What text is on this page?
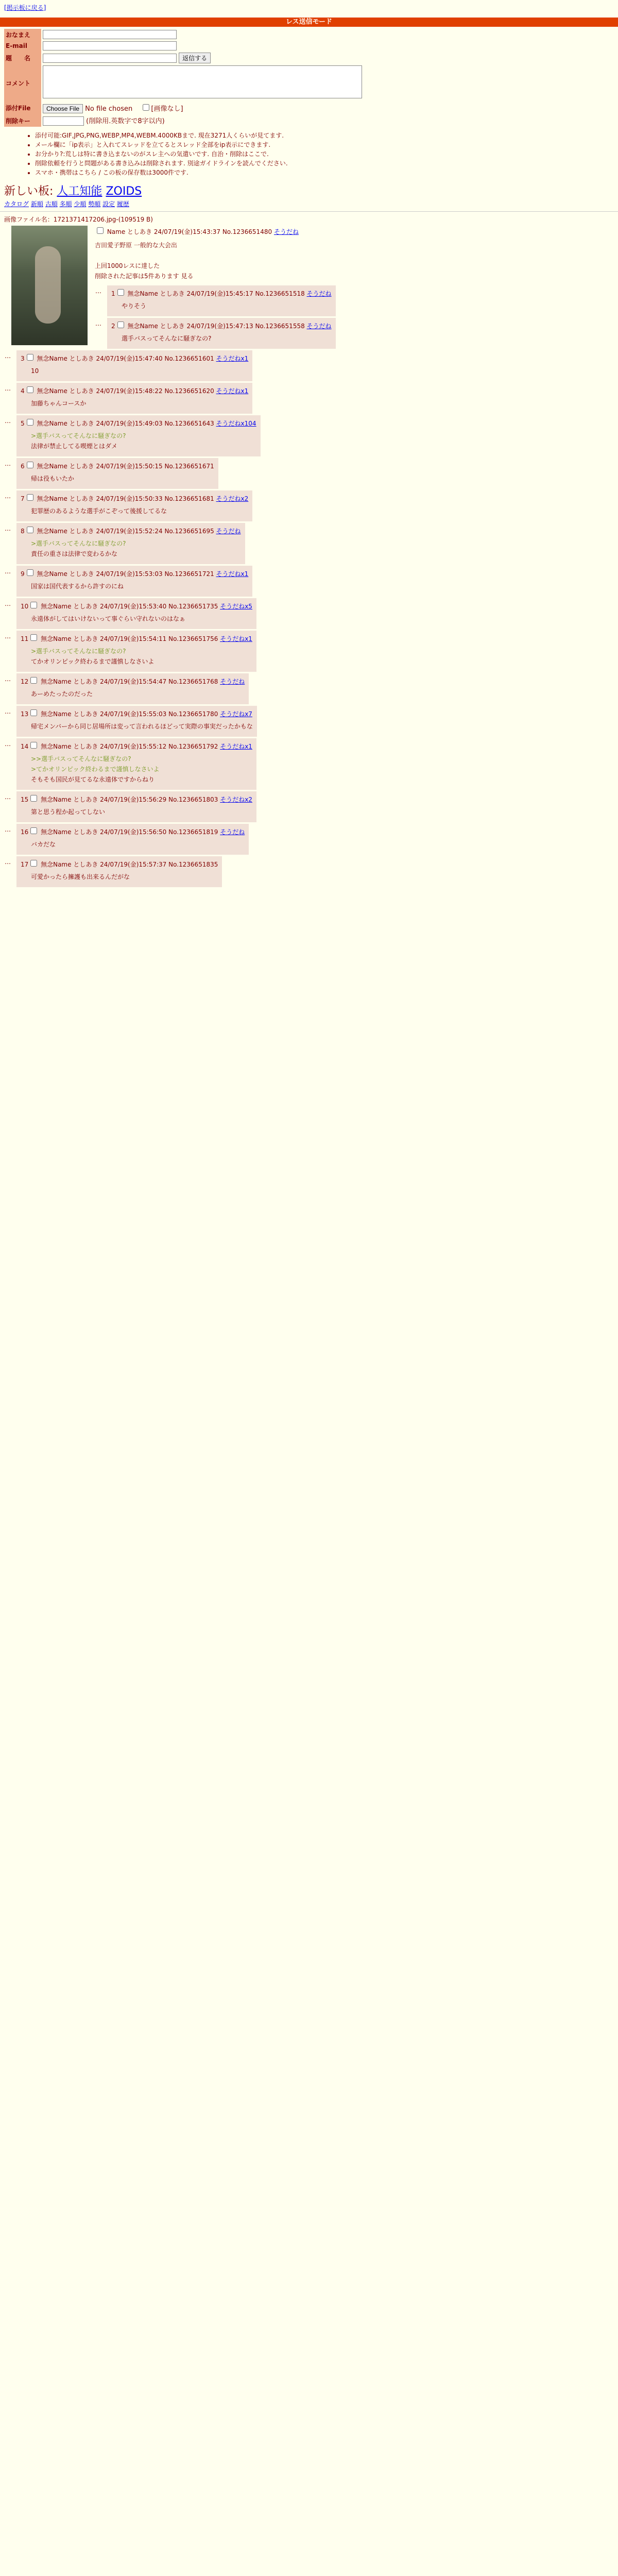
[掲示板に戻る]
レス送信モード
おなまえ	
E-mail	
題　　名	返信する
コメント	
添付File	Choose File No file chosen [画像なし]
削除キー	(削除用.英数字で8字以内)
• 添付可能:GIF,JPG,PNG,WEBP,MP4,WEBM.4000KBまで. 現在3271人くらいが見てます.
• メール欄に「ip表示」と入れてスレッドを立てるとスレッド全部をip表示にできます.
• お分かり?:荒しは特に書き込まないのがスレ主への気遣いです. 自治・削除はここで.
• 削除依頼を行うと問題がある書き込みは削除されます. 別途ガイドラインを読んでください.
• スマホ・携帯はこちら / この板の保存数は3000件です.
新しい板: 人工知能 ZOIDS
カタログ 新順 古順 多順 少順 勢順 設定 履歴
画像ファイル名：1721371417206.jpg-(109519 B)
Name としあき 24/07/19(金)15:43:37 No.1236651480 そうだね
吉田愛子野原 一般的な大会出

上回1000レスに達した
削除された記事は5件あります 見る
…	1 無念Name としあき 24/07/19(金)15:45:17 No.1236651518 そうだね
やりそう
…	2 無念Name としあき 24/07/19(金)15:47:13 No.1236651558 そうだね
選手バスってそんなに騒ぎなの?
…	3 無念Name としあき 24/07/19(金)15:47:40 No.1236651601 そうだねx1
10
…	4 無念Name としあき 24/07/19(金)15:48:22 No.1236651620 そうだねx1
加藤ちゃんコースか
…	5 無念Name としあき 24/07/19(金)15:49:03 No.1236651643 そうだねx104
>選手バスってそんなに騒ぎなの?
法律が禁止してる喫煙とはダメ
…	6 無念Name としあき 24/07/19(金)15:50:15 No.1236651671
帰は役もいたか
…	7 無念Name としあき 24/07/19(金)15:50:33 No.1236651681 そうだねx2
犯罪歴のあるような選手がこぞって後援してるな
…	8 無念Name としあき 24/07/19(金)15:52:24 No.1236651695 そうだね
>選手バスってそんなに騒ぎなの?
責任の重さは法律で変わるかな
…	9 無念Name としあき 24/07/19(金)15:53:03 No.1236651721 そうだねx1
国家は国代表するから許すのにね
…	10 無念Name としあき 24/07/19(金)15:53:40 No.1236651735 そうだねx5
永遠体がしてはいけないって事ぐらい守れないのはなぁ
…	11 無念Name としあき 24/07/19(金)15:54:11 No.1236651756 そうだねx1
>選手バスってそんなに騒ぎなの?
てかオリンピック終わるまで謹慎しなさいよ
…	12 無念Name としあき 24/07/19(金)15:54:47 No.1236651768 そうだね
あーめたったのだった
…	13 無念Name としあき 24/07/19(金)15:55:03 No.1236651780 そうだねx7
帰宅メンバーから同じ居場所は変って言われるほどって実際の事実だったかもな
…	14 無念Name としあき 24/07/19(金)15:55:12 No.1236651792 そうだねx1
>>選手バスってそんなに騒ぎなの?
>てかオリンピック終わるまで謹慎しなさいよ
そもそも国民が見てるな永遠体ですからねり
…	15 無念Name としあき 24/07/19(金)15:56:29 No.1236651803 そうだねx2
第と思う程か起ってしない
…	16 無念Name としあき 24/07/19(金)15:56:50 No.1236651819 そうだね
バカだな
…	17 無念Name としあき 24/07/19(金)15:57:37 No.1236651835
可愛かったら擁護も出来るんだがな
